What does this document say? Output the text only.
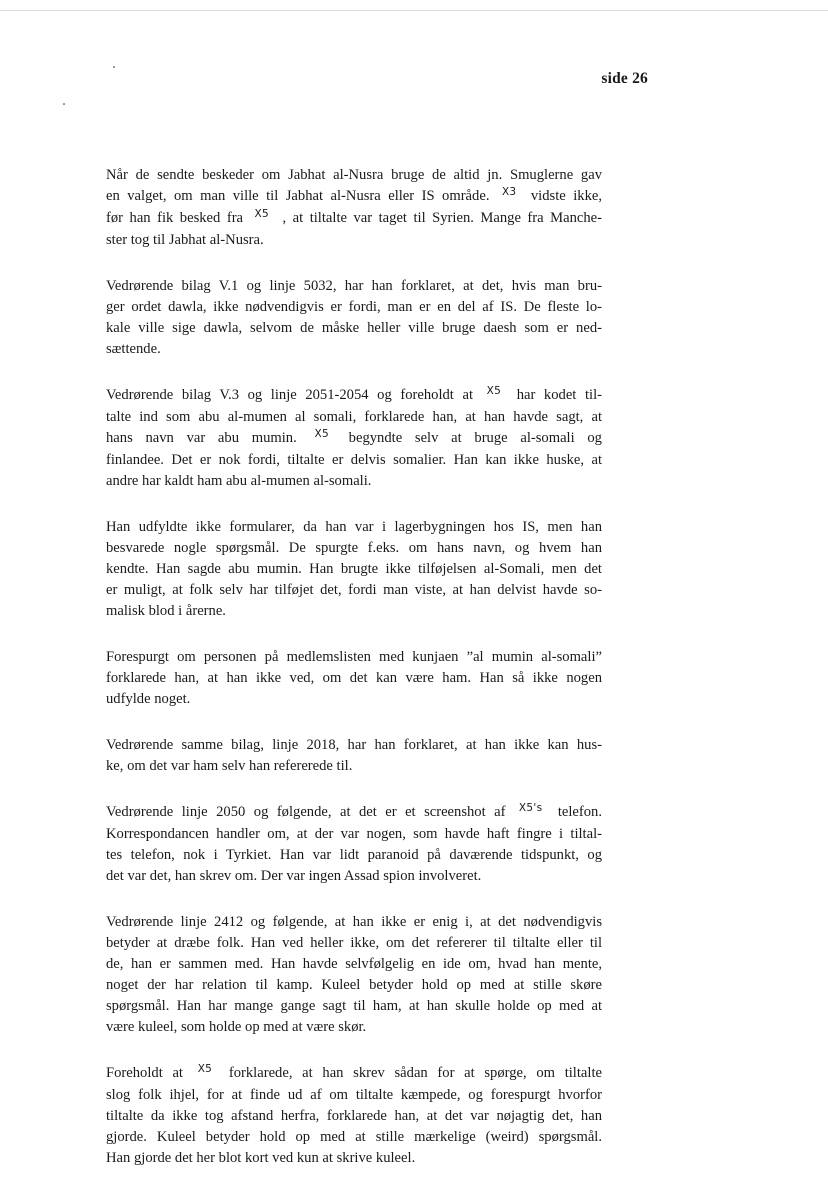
side 26

Når de sendte beskeder om Jabhat al-Nusra bruge de altid jn. Smuglerne gav
en valget, om man ville til Jabhat al-Nusra eller IS område. X3 vidste ikke,
før han fik besked fra X5 , at tiltalte var taget til Syrien. Mange fra Manche-
ster tog til Jabhat al-Nusra.

Vedrørende bilag V.1 og linje 5032, har han forklaret, at det, hvis man bru-
ger ordet dawla, ikke nødvendigvis er fordi, man er en del af IS. De fleste lo-
kale ville sige dawla, selvom de måske heller ville bruge daesh som er ned-
sættende.

Vedrørende bilag V.3 og linje 2051-2054 og foreholdt at X5 har kodet til-
talte ind som abu al-mumen al somali, forklarede han, at han havde sagt, at
hans navn var abu mumin. X5 begyndte selv at bruge al-somali og
finlandee. Det er nok fordi, tiltalte er delvis somalier. Han kan ikke huske, at
andre har kaldt ham abu al-mumen al-somali.

Han udfyldte ikke formularer, da han var i lagerbygningen hos IS, men han
besvarede nogle spørgsmål. De spurgte f.eks. om hans navn, og hvem han
kendte. Han sagde abu mumin. Han brugte ikke tilføjelsen al-Somali, men det
er muligt, at folk selv har tilføjet det, fordi man viste, at han delvist havde so-
malisk blod i årerne.

Forespurgt om personen på medlemslisten med kunjaen ”al mumin al-somali”
forklarede han, at han ikke ved, om det kan være ham. Han så ikke nogen
udfylde noget.

Vedrørende samme bilag, linje 2018, har han forklaret, at han ikke kan hus-
ke, om det var ham selv han refererede til.

Vedrørende linje 2050 og følgende, at det er et screenshot af X5's telefon.
Korrespondancen handler om, at der var nogen, som havde haft fingre i tiltal-
tes telefon, nok i Tyrkiet. Han var lidt paranoid på daværende tidspunkt, og
det var det, han skrev om. Der var ingen Assad spion involveret.

Vedrørende linje 2412 og følgende, at han ikke er enig i, at det nødvendigvis
betyder at dræbe folk. Han ved heller ikke, om det refererer til tiltalte eller til
de, han er sammen med. Han havde selvfølgelig en ide om, hvad han mente,
noget der har relation til kamp. Kuleel betyder hold op med at stille skøre
spørgsmål. Han har mange gange sagt til ham, at han skulle holde op med at
være kuleel, som holde op med at være skør.

Foreholdt at X5 forklarede, at han skrev sådan for at spørge, om tiltalte
slog folk ihjel, for at finde ud af om tiltalte kæmpede, og forespurgt hvorfor
tiltalte da ikke tog afstand herfra, forklarede han, at det var nøjagtig det, han
gjorde. Kuleel betyder hold op med at stille mærkelige (weird) spørgsmål.
Han gjorde det her blot kort ved kun at skrive kuleel.
